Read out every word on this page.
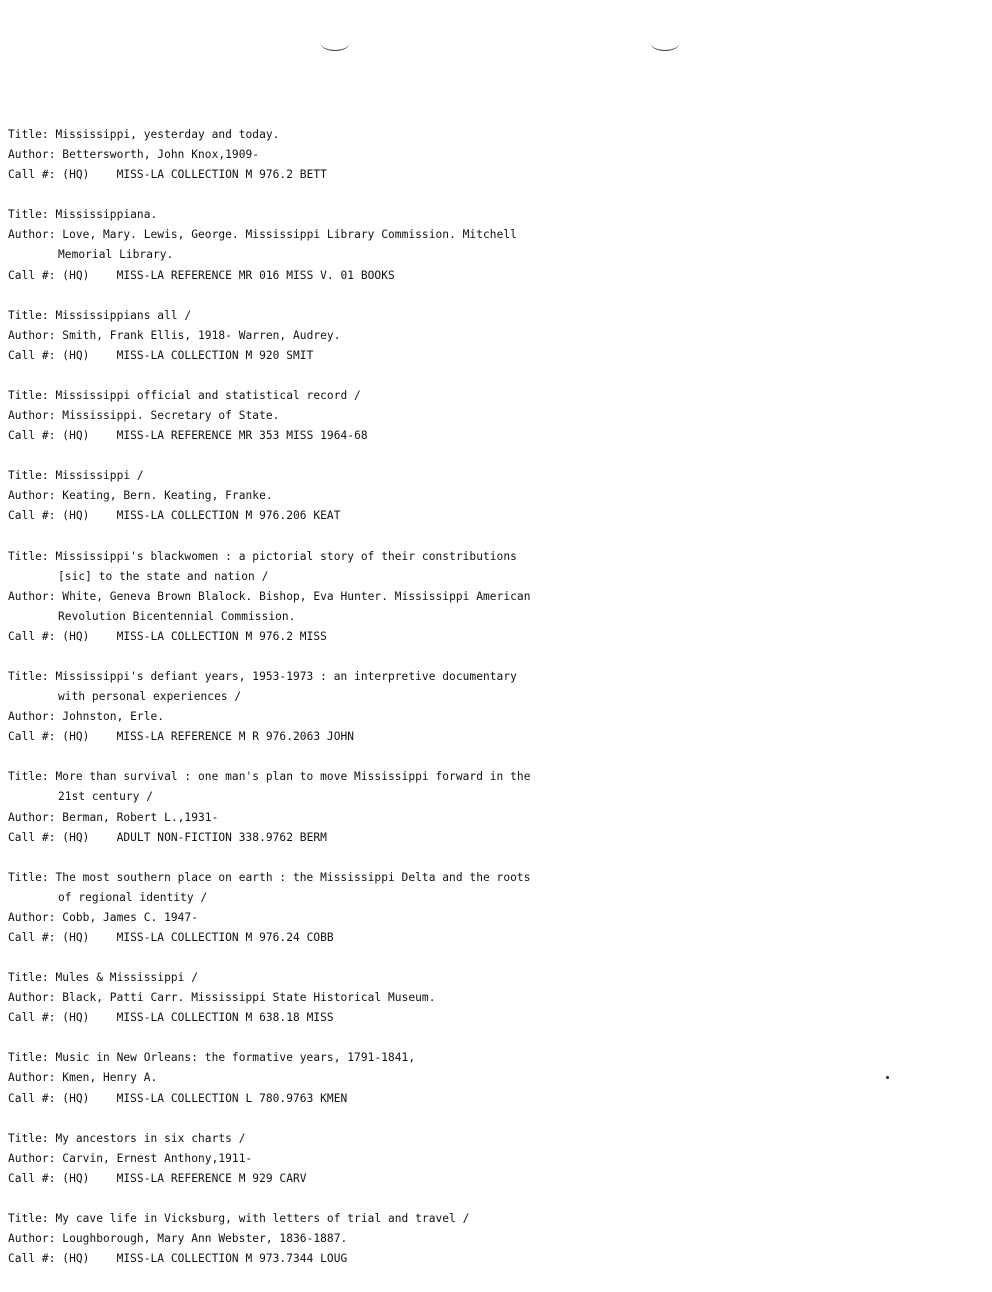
Title: Mississippi, yesterday and today.
Author: Bettersworth, John Knox,1909-
Call #: (HQ)    MISS-LA COLLECTION M 976.2 BETT
Title: Mississippiana.
Author: Love, Mary. Lewis, George. Mississippi Library Commission. Mitchell
Memorial Library.
Call #: (HQ)    MISS-LA REFERENCE MR 016 MISS V. 01 BOOKS
Title: Mississippians all /
Author: Smith, Frank Ellis, 1918- Warren, Audrey.
Call #: (HQ)    MISS-LA COLLECTION M 920 SMIT
Title: Mississippi official and statistical record /
Author: Mississippi. Secretary of State.
Call #: (HQ)    MISS-LA REFERENCE MR 353 MISS 1964-68
Title: Mississippi /
Author: Keating, Bern. Keating, Franke.
Call #: (HQ)    MISS-LA COLLECTION M 976.206 KEAT
Title: Mississippi's blackwomen : a pictorial story of their constributions
[sic] to the state and nation /
Author: White, Geneva Brown Blalock. Bishop, Eva Hunter. Mississippi American
Revolution Bicentennial Commission.
Call #: (HQ)    MISS-LA COLLECTION M 976.2 MISS
Title: Mississippi's defiant years, 1953-1973 : an interpretive documentary
with personal experiences /
Author: Johnston, Erle.
Call #: (HQ)    MISS-LA REFERENCE M R 976.2063 JOHN
Title: More than survival : one man's plan to move Mississippi forward in the
21st century /
Author: Berman, Robert L.,1931-
Call #: (HQ)    ADULT NON-FICTION 338.9762 BERM
Title: The most southern place on earth : the Mississippi Delta and the roots
of regional identity /
Author: Cobb, James C. 1947-
Call #: (HQ)    MISS-LA COLLECTION M 976.24 COBB
Title: Mules & Mississippi /
Author: Black, Patti Carr. Mississippi State Historical Museum.
Call #: (HQ)    MISS-LA COLLECTION M 638.18 MISS
Title: Music in New Orleans: the formative years, 1791-1841,
Author: Kmen, Henry A.
Call #: (HQ)    MISS-LA COLLECTION L 780.9763 KMEN
Title: My ancestors in six charts /
Author: Carvin, Ernest Anthony,1911-
Call #: (HQ)    MISS-LA REFERENCE M 929 CARV
Title: My cave life in Vicksburg, with letters of trial and travel /
Author: Loughborough, Mary Ann Webster, 1836-1887.
Call #: (HQ)    MISS-LA COLLECTION M 973.7344 LOUG
